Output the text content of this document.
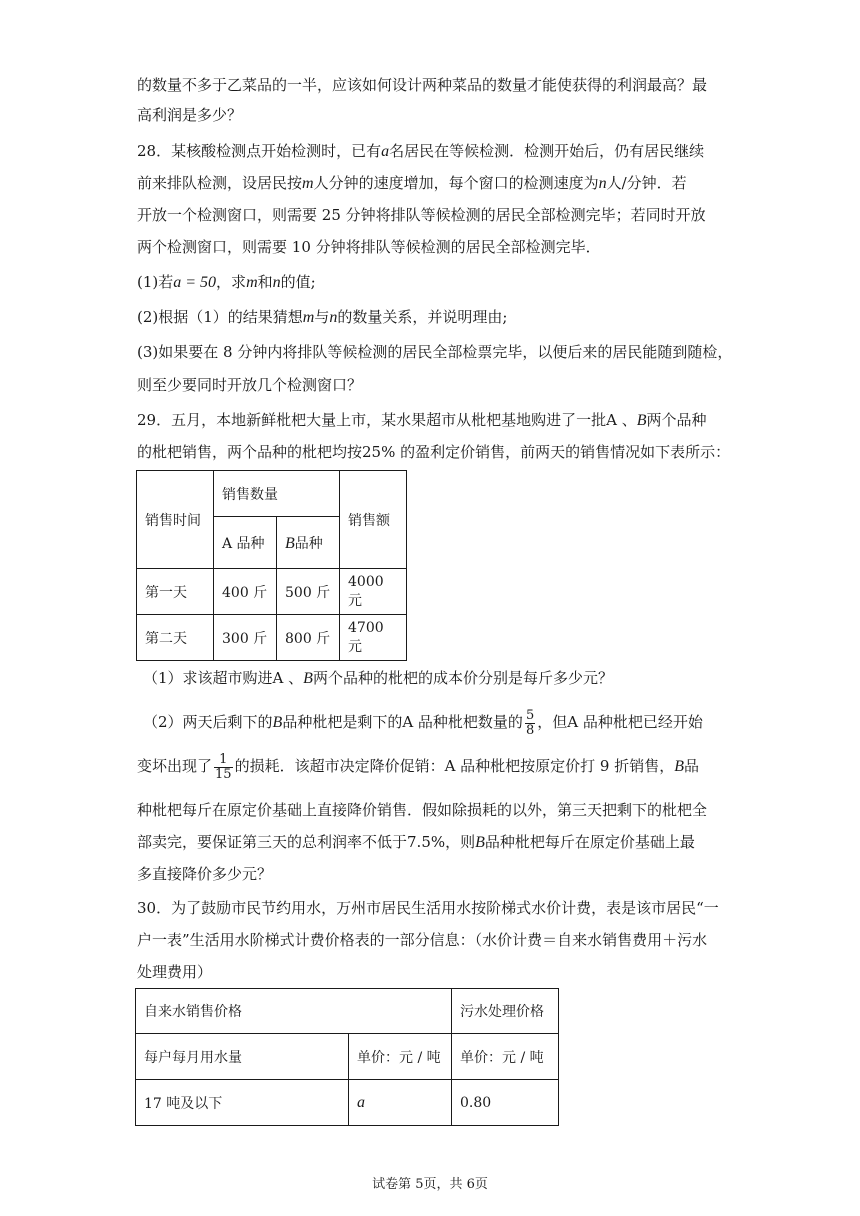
的数量不多于乙菜品的一半，应该如何设计两种菜品的数量才能使获得的利润最高？最
高利润是多少？
28．某核酸检测点开始检测时，已有a名居民在等候检测．检测开始后，仍有居民继续
前来排队检测，设居民按m人分钟的速度增加，每个窗口的检测速度为n人/分钟．若
开放一个检测窗口，则需要 25 分钟将排队等候检测的居民全部检测完毕；若同时开放
两个检测窗口，则需要 10 分钟将排队等候检测的居民全部检测完毕．
(1)若a = 50，求m和n的值;
(2)根据（1）的结果猜想m与n的数量关系，并说明理由;
(3)如果要在 8 分钟内将排队等候检测的居民全部检票完毕，以便后来的居民能随到随检，
则至少要同时开放几个检测窗口？
29．五月，本地新鲜枇杷大量上市，某水果超市从枇杷基地购进了一批A 、B两个品种
的枇杷销售，两个品种的枇杷均按25% 的盈利定价销售，前两天的销售情况如下表所示：
销售时间	销售数量		销售额
	A 品种	B品种	
第一天	400 斤	500 斤	4000 元
第二天	300 斤	800 斤	4700 元
（1）求该超市购进A 、B两个品种的枇杷的成本价分别是每斤多少元？
（2）两天后剩下的B品种枇杷是剩下的A 品种枇杷数量的 $\frac{5}{8}$ ，但A 品种枇杷已经开始
变坏出现了 $\frac{1}{15}$ 的损耗．该超市决定降价促销：A 品种枇杷按原定价打 9 折销售，B品
种枇杷每斤在原定价基础上直接降价销售．假如除损耗的以外，第三天把剩下的枇杷全
部卖完，要保证第三天的总利润率不低于7.5%，则B品种枇杷每斤在原定价基础上最
多直接降价多少元？
30．为了鼓励市民节约用水，万州市居民生活用水按阶梯式水价计费，表是该市居民“一
户一表”生活用水阶梯式计费价格表的一部分信息：（水价计费＝自来水销售费用＋污水
处理费用）
自来水销售价格		污水处理价格
每户每月用水量	单价：元 / 吨	单价：元 / 吨
17 吨及以下	a	0.80
试卷第 5页，共 6页
